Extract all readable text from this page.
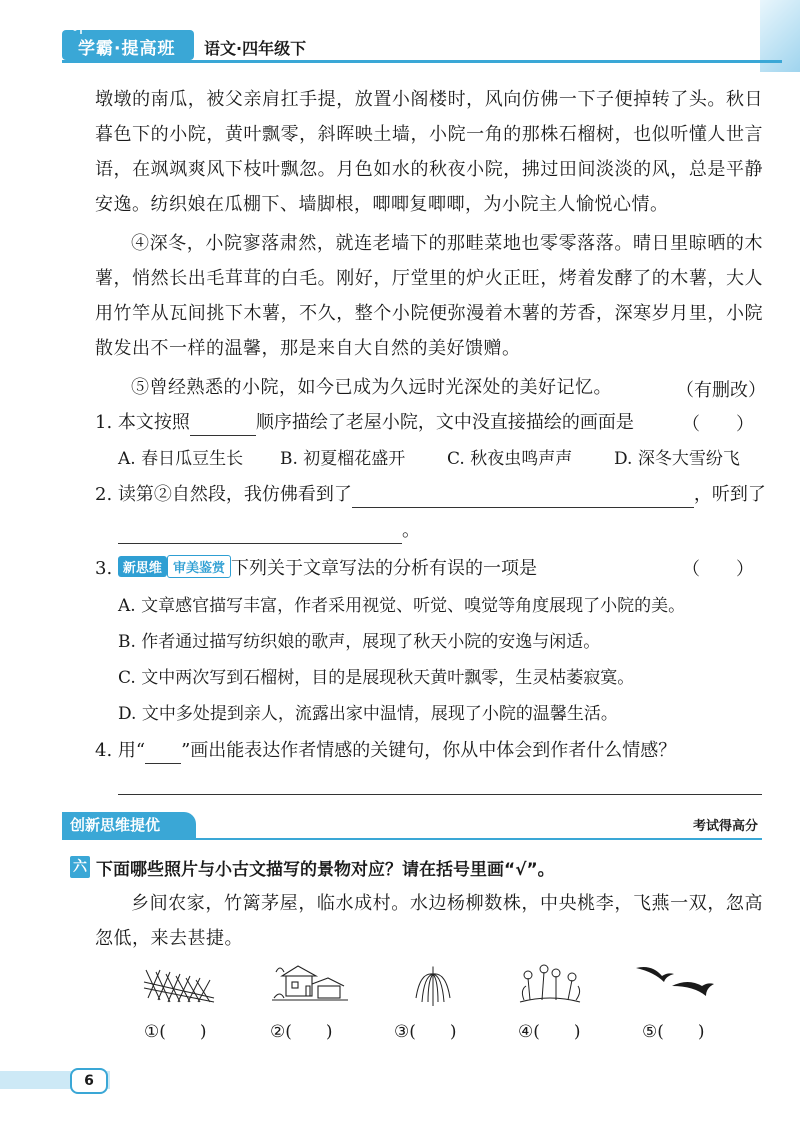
学霸·提高班 语文·四年级下
墩墩的南瓜，被父亲肩扛手提，放置小阁楼时，风向仿佛一下子便掉转了头。秋日暮色下的小院，黄叶飘零，斜晖映土墙，小院一角的那株石榴树，也似听懂人世言语，在飒飒爽风下枝叶飘忽。月色如水的秋夜小院，拂过田间淡淡的风，总是平静安逸。纺织娘在瓜棚下、墙脚根，唧唧复唧唧，为小院主人愉悦心情。
④深冬，小院寥落肃然，就连老墙下的那畦菜地也零零落落。晴日里晾晒的木薯，悄然长出毛茸茸的白毛。刚好，厅堂里的炉火正旺，烤着发酵了的木薯，大人用竹竿从瓦间挑下木薯，不久，整个小院便弥漫着木薯的芳香，深寒岁月里，小院散发出不一样的温馨，那是来自大自然的美好馈赠。
⑤曾经熟悉的小院，如今已成为久远时光深处的美好记忆。	（有删改）
1. 本文按照	顺序描绘了老屋小院，文中没直接描绘的画面是	（　　）
A. 春日瓜豆生长 B. 初夏榴花盛开 C. 秋夜虫鸣声声 D. 深冬大雪纷飞
2. 读第②自然段，我仿佛看到了	，听到了
。
3. 新思维 审美鉴赏 下列关于文章写法的分析有误的一项是	（　　）
A. 文章感官描写丰富，作者采用视觉、听觉、嗅觉等角度展现了小院的美。
B. 作者通过描写纺织娘的歌声，展现了秋天小院的安逸与闲适。
C. 文中两次写到石榴树，目的是展现秋天黄叶飘零，生灵枯萎寂寞。
D. 文中多处提到亲人，流露出家中温情，展现了小院的温馨生活。
4. 用“ ”画出能表达作者情感的关键句，你从中体会到作者什么情感？
创新思维提优	考试得高分
六 下面哪些照片与小古文描写的景物对应？请在括号里画“√”。
乡间农家，竹篱茅屋，临水成村。水边杨柳数株，中央桃李，飞燕一双，忽高忽低，来去甚捷。
①(　　)	②(　　)	③(　　)	④(　　)	⑤(　　)
6
